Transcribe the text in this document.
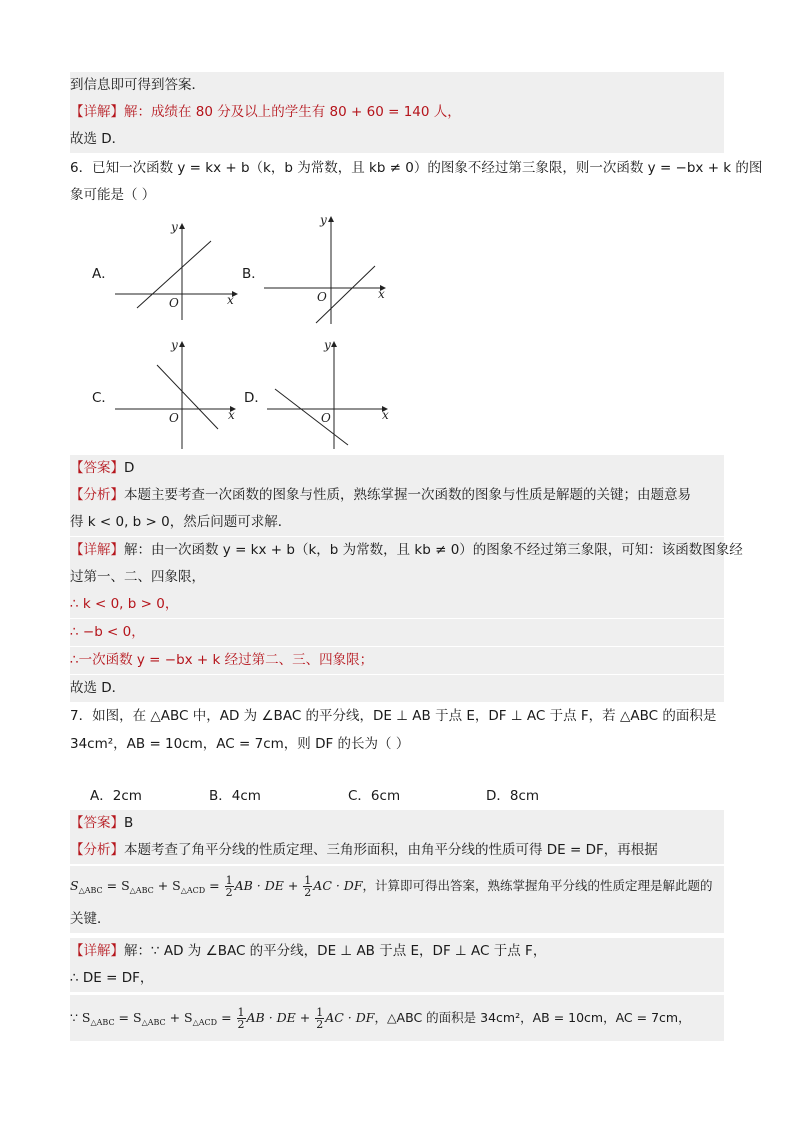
到信息即可得到答案．
【详解】解：成绩在 80 分及以上的学生有 80 + 60 = 140 人，
故选 D．
6．已知一次函数 y = kx + b（k，b 为常数，且 kb ≠ 0）的图象不经过第三象限，则一次函数 y = −bx + k 的图
象可能是（ ）
A．
x
y
O
B．
x
y
O
C．
x
y
O
D．
x
y
O
【答案】D
【分析】本题主要考查一次函数的图象与性质，熟练掌握一次函数的图象与性质是解题的关键；由题意易
得 k < 0, b > 0，然后问题可求解．
【详解】解：由一次函数 y = kx + b（k，b 为常数，且 kb ≠ 0）的图象不经过第三象限，可知：该函数图象经
过第一、二、四象限，
∴ k < 0, b > 0，
∴ −b < 0，
∴一次函数 y = −bx + k 经过第二、三、四象限；
故选 D．
7．如图，在 △ABC 中，AD 为 ∠BAC 的平分线，DE ⊥ AB 于点 E，DF ⊥ AC 于点 F，若 △ABC 的面积是
34cm²，AB = 10cm，AC = 7cm，则 DF 的长为（ ）
A．2cm	B．4cm	C．6cm	D．8cm
【答案】B
【分析】本题考查了角平分线的性质定理、三角形面积，由角平分线的性质可得 DE = DF，再根据
$S_{\triangle ABC} = S_{\triangle ABC} + S_{\triangle ACD} = \frac{1}{2}$ AB · DE + $\frac{1}{2}$ AC · DF，计算即可得出答案，熟练掌握角平分线的性质定理是解此题的
关键．
【详解】解：∵ AD 为 ∠BAC 的平分线，DE ⊥ AB 于点 E，DF ⊥ AC 于点 F，
∴ DE = DF，
∵ $S_{\triangle ABC} = S_{\triangle ABC} + S_{\triangle ACD} = \frac{1}{2}$ AB · DE + $\frac{1}{2}$ AC · DF，△ABC 的面积是 34cm²，AB = 10cm，AC = 7cm，
